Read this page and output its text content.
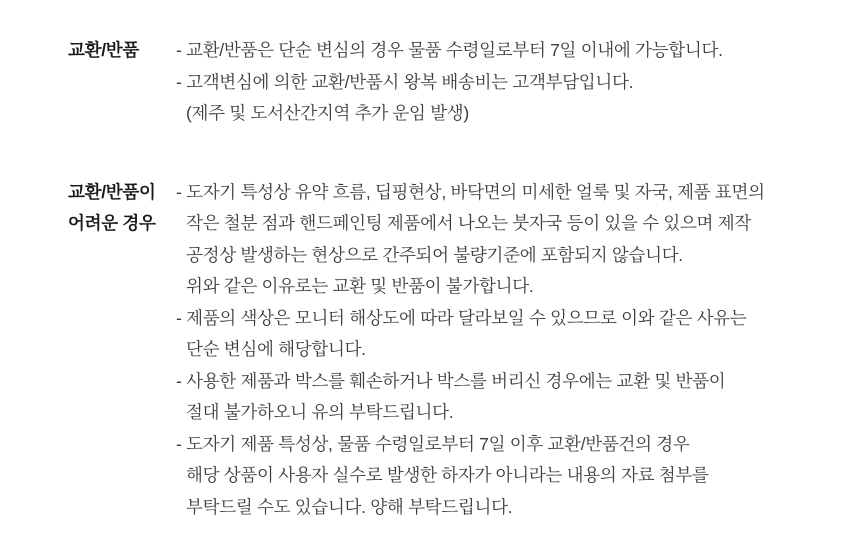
교환/반품	- 교환/반품은 단순 변심의 경우 물품 수령일로부터 7일 이내에 가능합니다.
- 고객변심에 의한 교환/반품시 왕복 배송비는 고객부담입니다.
(제주 및 도서산간지역 추가 운임 발생)
교환/반품이
어려운 경우
- 도자기 특성상 유약 흐름, 딥핑현상, 바닥면의 미세한 얼룩 및 자국, 제품 표면의
작은 철분 점과 핸드페인팅 제품에서 나오는 붓자국 등이 있을 수 있으며 제작
공정상 발생하는 현상으로 간주되어 불량기준에 포함되지 않습니다.
위와 같은 이유로는 교환 및 반품이 불가합니다.
- 제품의 색상은 모니터 해상도에 따라 달라보일 수 있으므로 이와 같은 사유는
단순 변심에 해당합니다.
- 사용한 제품과 박스를 훼손하거나 박스를 버리신 경우에는 교환 및 반품이
절대 불가하오니 유의 부탁드립니다.
- 도자기 제품 특성상, 물품 수령일로부터 7일 이후 교환/반품건의 경우
해당 상품이 사용자 실수로 발생한 하자가 아니라는 내용의 자료 첨부를
부탁드릴 수도 있습니다. 양해 부탁드립니다.
